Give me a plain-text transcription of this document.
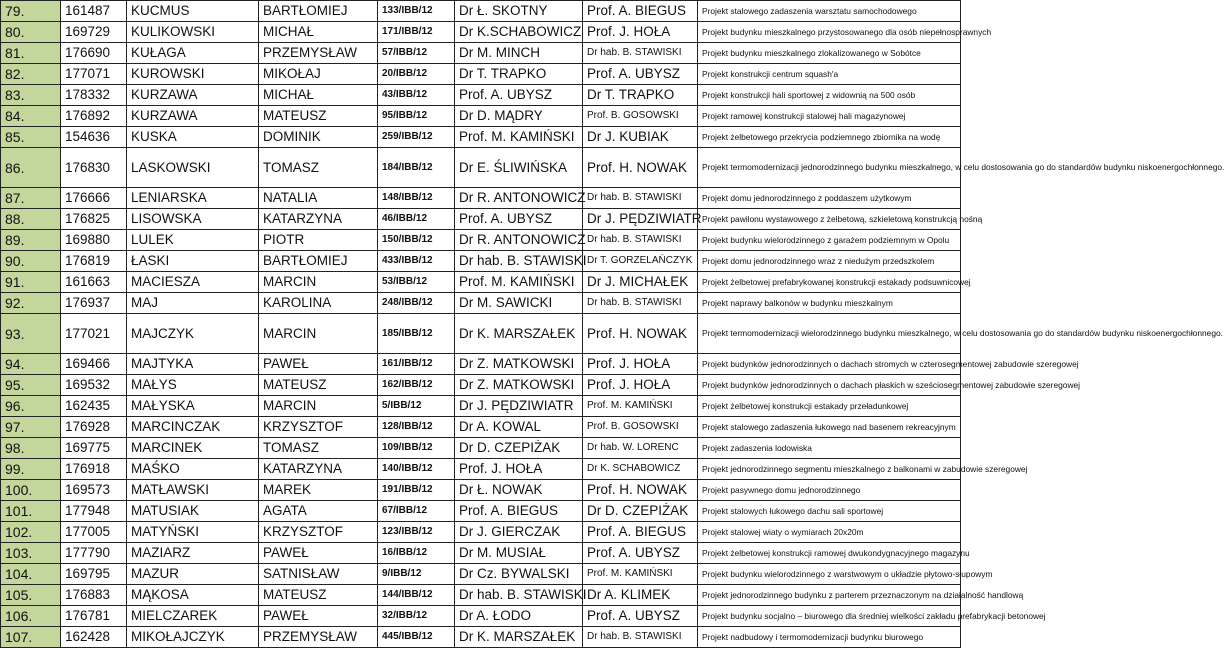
79.	161487	KUCMUS	BARTŁOMIEJ	133/IBB/12	Dr Ł. SKOTNY	Prof. A. BIEGUS	Projekt stalowego zadaszenia warsztatu samochodowego
80.	169729	KULIKOWSKI	MICHAŁ	171/IBB/12	Dr K.SCHABOWICZ	Prof. J. HOŁA	Projekt budynku mieszkalnego przystosowanego dla osób niepełnosprawnych
81.	176690	KUŁAGA	PRZEMYSŁAW	57/IBB/12	Dr M. MINCH	Dr hab. B. STAWISKI	Projekt budynku mieszkalnego zlokalizowanego w Sobótce
82.	177071	KUROWSKI	MIKOŁAJ	20/IBB/12	Dr T. TRAPKO	Prof. A. UBYSZ	Projekt konstrukcji centrum squash'a
83.	178332	KURZAWA	MICHAŁ	43/IBB/12	Prof. A. UBYSZ	Dr T. TRAPKO	Projekt konstrukcji hali sportowej z widownią na 500 osób
84.	176892	KURZAWA	MATEUSZ	95/IBB/12	Dr D. MĄDRY	Prof. B. GOSOWSKI	Projekt ramowej konstrukcji stalowej hali magazynowej
85.	154636	KUSKA	DOMINIK	259/IBB/12	Prof. M. KAMIŃSKI	Dr J. KUBIAK	Projekt żelbetowego przekrycia podziemnego zbiornika na wodę
86.	176830	LASKOWSKI	TOMASZ	184/IBB/12	Dr E. ŚLIWIŃSKA	Prof. H. NOWAK	Projekt termomodernizacji jednorodzinnego budynku mieszkalnego, w celu dostosowania go do standardów budynku niskoenergochłonnego.
87.	176666	LENIARSKA	NATALIA	148/IBB/12	Dr R. ANTONOWICZ	Dr hab. B. STAWISKI	Projekt domu jednorodzinnego z poddaszem użytkowym
88.	176825	LISOWSKA	KATARZYNA	46/IBB/12	Prof. A. UBYSZ	Dr J. PĘDZIWIATR	Projekt pawilonu wystawowego z żelbetową, szkieletową konstrukcją nośną
89.	169880	LULEK	PIOTR	150/IBB/12	Dr R. ANTONOWICZ	Dr hab. B. STAWISKI	Projekt budynku wielorodzinnego z garażem podziemnym w Opolu
90.	176819	ŁASKI	BARTŁOMIEJ	433/IBB/12	Dr hab. B. STAWISKI	Dr T. GORZELAŃCZYK	Projekt domu jednorodzinnego wraz z niedużym przedszkolem
91.	161663	MACIESZA	MARCIN	53/IBB/12	Prof. M. KAMIŃSKI	Dr J. MICHAŁEK	Projekt żelbetowej prefabrykowanej konstrukcji estakady podsuwnicowej
92.	176937	MAJ	KAROLINA	248/IBB/12	Dr M. SAWICKI	Dr hab. B. STAWISKI	Projekt naprawy balkonów w budynku mieszkalnym
93.	177021	MAJCZYK	MARCIN	185/IBB/12	Dr K. MARSZAŁEK	Prof. H. NOWAK	Projekt termomodernizacji wielorodzinnego budynku mieszkalnego, w celu dostosowania go do standardów budynku niskoenergochłonnego.
94.	169466	MAJTYKA	PAWEŁ	161/IBB/12	Dr Z. MATKOWSKI	Prof. J. HOŁA	Projekt budynków jednorodzinnych o dachach stromych w czterosegmentowej zabudowie szeregowej
95.	169532	MAŁYS	MATEUSZ	162/IBB/12	Dr Z. MATKOWSKI	Prof. J. HOŁA	Projekt budynków jednorodzinnych o dachach płaskich w sześciosegmentowej zabudowie szeregowej
96.	162435	MAŁYSKA	MARCIN	5/IBB/12	Dr J. PĘDZIWIATR	Prof. M. KAMIŃSKI	Projekt żelbetowej konstrukcji estakady przeładunkowej
97.	176928	MARCINCZAK	KRZYSZTOF	128/IBB/12	Dr A. KOWAL	Prof. B. GOSOWSKI	Projekt stalowego zadaszenia łukowego nad basenem rekreacyjnym
98.	169775	MARCINEK	TOMASZ	109/IBB/12	Dr D. CZEPIŻAK	Dr hab. W. LORENC	Projekt zadaszenia lodowiska
99.	176918	MAŚKO	KATARZYNA	140/IBB/12	Prof. J. HOŁA	Dr K. SCHABOWICZ	Projekt jednorodzinnego segmentu mieszkalnego z balkonami w zabudowie szeregowej
100.	169573	MATŁAWSKI	MAREK	191/IBB/12	Dr Ł. NOWAK	Prof. H. NOWAK	Projekt pasywnego domu jednorodzinnego
101.	177948	MATUSIAK	AGATA	67/IBB/12	Prof. A. BIEGUS	Dr D. CZEPIŻAK	Projekt stalowych łukowego dachu sali sportowej
102.	177005	MATYŃSKI	KRZYSZTOF	123/IBB/12	Dr J. GIERCZAK	Prof. A. BIEGUS	Projekt stalowej wiaty o wymiarach 20x20m
103.	177790	MAZIARZ	PAWEŁ	16/IBB/12	Dr M. MUSIAŁ	Prof. A. UBYSZ	Projekt żelbetowej konstrukcji ramowej dwukondygnacyjnego magazynu
104.	169795	MAZUR	SATNISŁAW	9/IBB/12	Dr Cz. BYWALSKI	Prof. M. KAMIŃSKI	Projekt budynku wielorodzinnego z warstwowym o układzie płytowo-słupowym
105.	176883	MĄKOSA	MATEUSZ	144/IBB/12	Dr hab. B. STAWISKI	Dr A. KLIMEK	Projekt jednorodzinnego budynku z parterem przeznaczonym na działalność handlową
106.	176781	MIELCZAREK	PAWEŁ	32/IBB/12	Dr A. ŁODO	Prof. A. UBYSZ	Projekt budynku socjalno – biurowego dla średniej wielkości zakładu prefabrykacji betonowej
107.	162428	MIKOŁAJCZYK	PRZEMYSŁAW	445/IBB/12	Dr K. MARSZAŁEK	Dr hab. B. STAWISKI	Projekt nadbudowy i termomodernizacji budynku biurowego
